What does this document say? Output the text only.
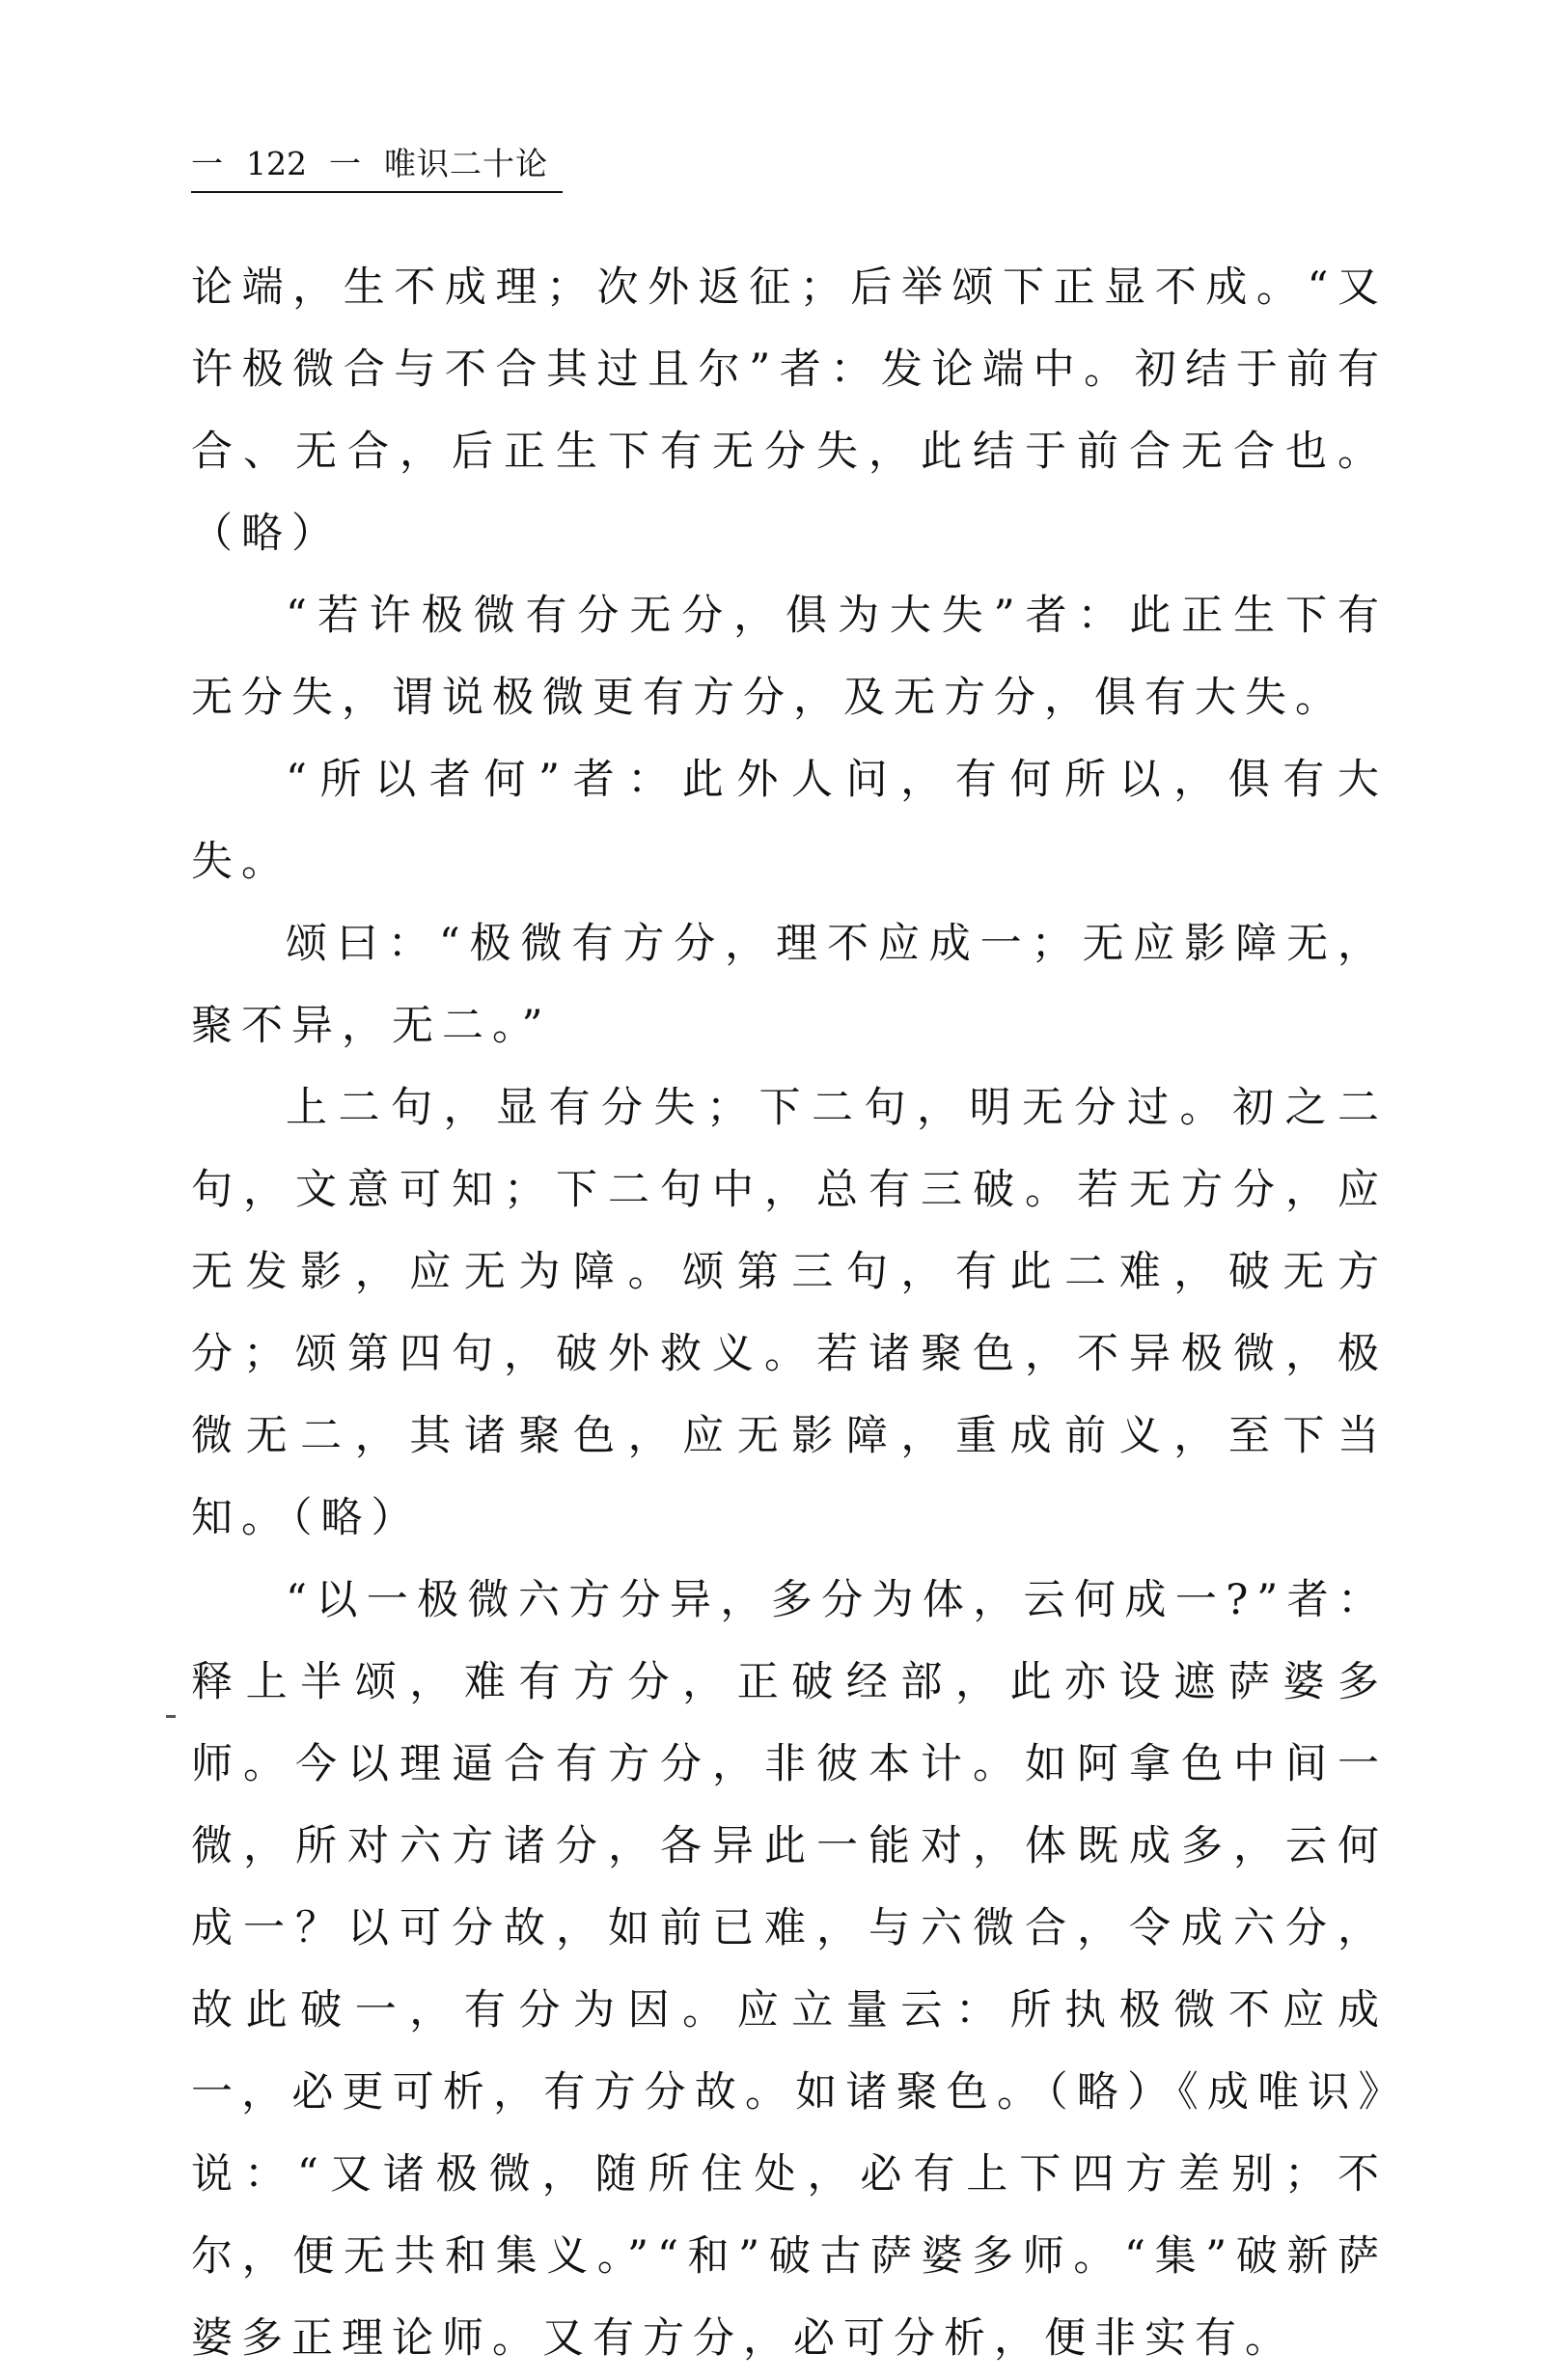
一 122 一 唯识二十论

论端，生不成理；次外返征；后举颂下正显不成。“又许极微合与不合其过且尔”者：发论端中。初结于前有合、无合，后正生下有无分失，此结于前合无合也。（略）

“若许极微有分无分，俱为大失”者：此正生下有无分失，谓说极微更有方分，及无方分，俱有大失。

“所以者何”者：此外人问，有何所以，俱有大失。

颂曰：“极微有方分，理不应成一；无应影障无，聚不异，无二。”

上二句，显有分失；下二句，明无分过。初之二句，文意可知；下二句中，总有三破。若无方分，应无发影，应无为障。颂第三句，有此二难，破无方分；颂第四句，破外救义。若诸聚色，不异极微，极微无二，其诸聚色，应无影障，重成前义，至下当知。（略）

“以一极微六方分异，多分为体，云何成一?”者：释上半颂，难有方分，正破经部，此亦设遮萨婆多师。今以理逼合有方分，非彼本计。如阿拿色中间一微，所对六方诸分，各异此一能对，体既成多，云何成一？以可分故，如前已难，与六微合，令成六分，故此破一，有分为因。应立量云：所执极微不应成一，必更可析，有方分故。如诸聚色。（略）《成唯识》说：“又诸极微，随所住处，必有上下四方差别；不尔，便无共和集义。”“和”破古萨婆多师。“集”破新萨婆多正理论师。又有方分，必可分析，便非实有。
